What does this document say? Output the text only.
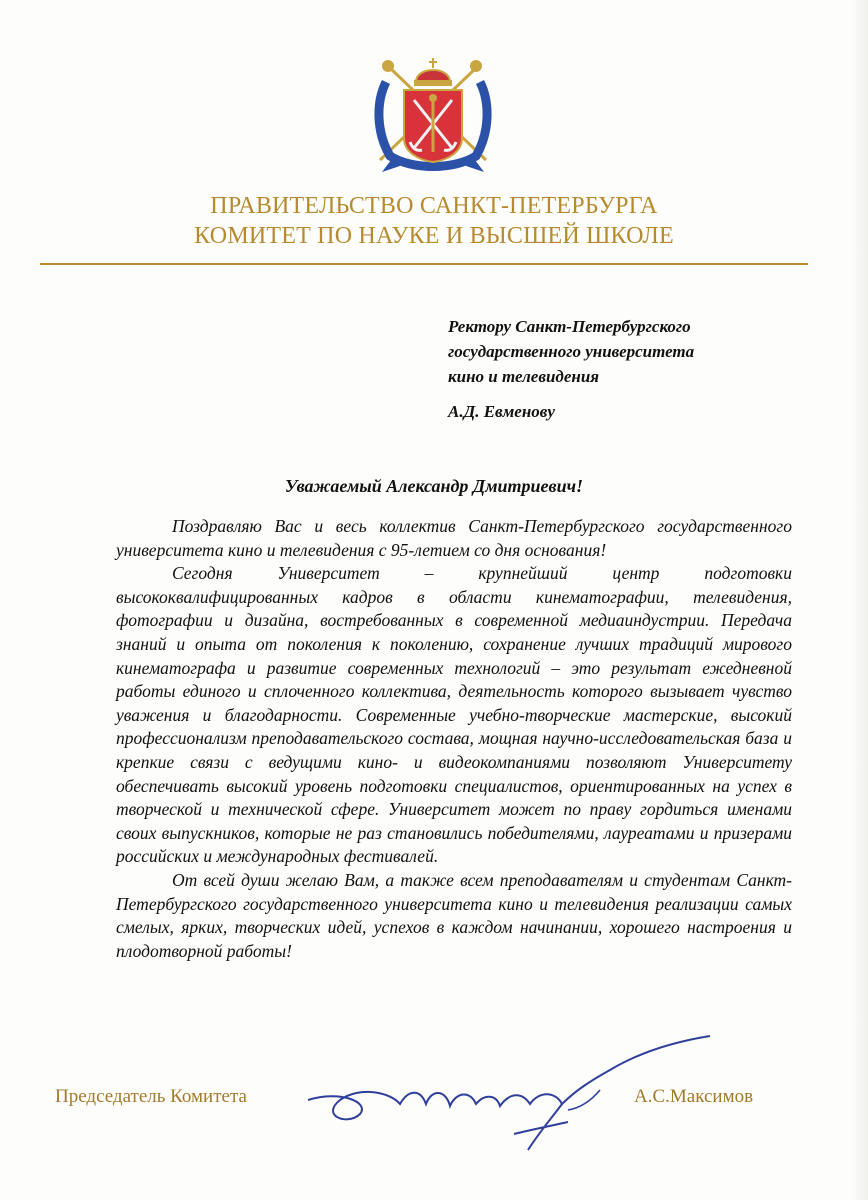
ПРАВИТЕЛЬСТВО САНКТ-ПЕТЕРБУРГА
КОМИТЕТ ПО НАУКЕ И ВЫСШЕЙ ШКОЛЕ
Ректору Санкт-Петербургского
государственного университета
кино и телевидения
А.Д. Евменову
Уважаемый Александр Дмитриевич!

Поздравляю Вас и весь коллектив Санкт-Петербургского государственного университета кино и телевидения с 95-летием со дня основания!

Сегодня Университет – крупнейший центр подготовки высококвалифицированных кадров в области кинематографии, телевидения, фотографии и дизайна, востребованных в современной медиаиндустрии. Передача знаний и опыта от поколения к поколению, сохранение лучших традиций мирового кинематографа и развитие современных технологий – это результат ежедневной работы единого и сплоченного коллектива, деятельность которого вызывает чувство уважения и благодарности. Современные учебно-творческие мастерские, высокий профессионализм преподавательского состава, мощная научно-исследовательская база и крепкие связи с ведущими кино- и видеокомпаниями позволяют Университету обеспечивать высокий уровень подготовки специалистов, ориентированных на успех в творческой и технической сфере. Университет может по праву гордиться именами своих выпускников, которые не раз становились победителями, лауреатами и призерами российских и международных фестивалей.

От всей души желаю Вам, а также всем преподавателям и студентам Санкт-Петербургского государственного университета кино и телевидения реализации самых смелых, ярких, творческих идей, успехов в каждом начинании, хорошего настроения и плодотворной работы!

Председатель Комитета	А.С.Максимов
